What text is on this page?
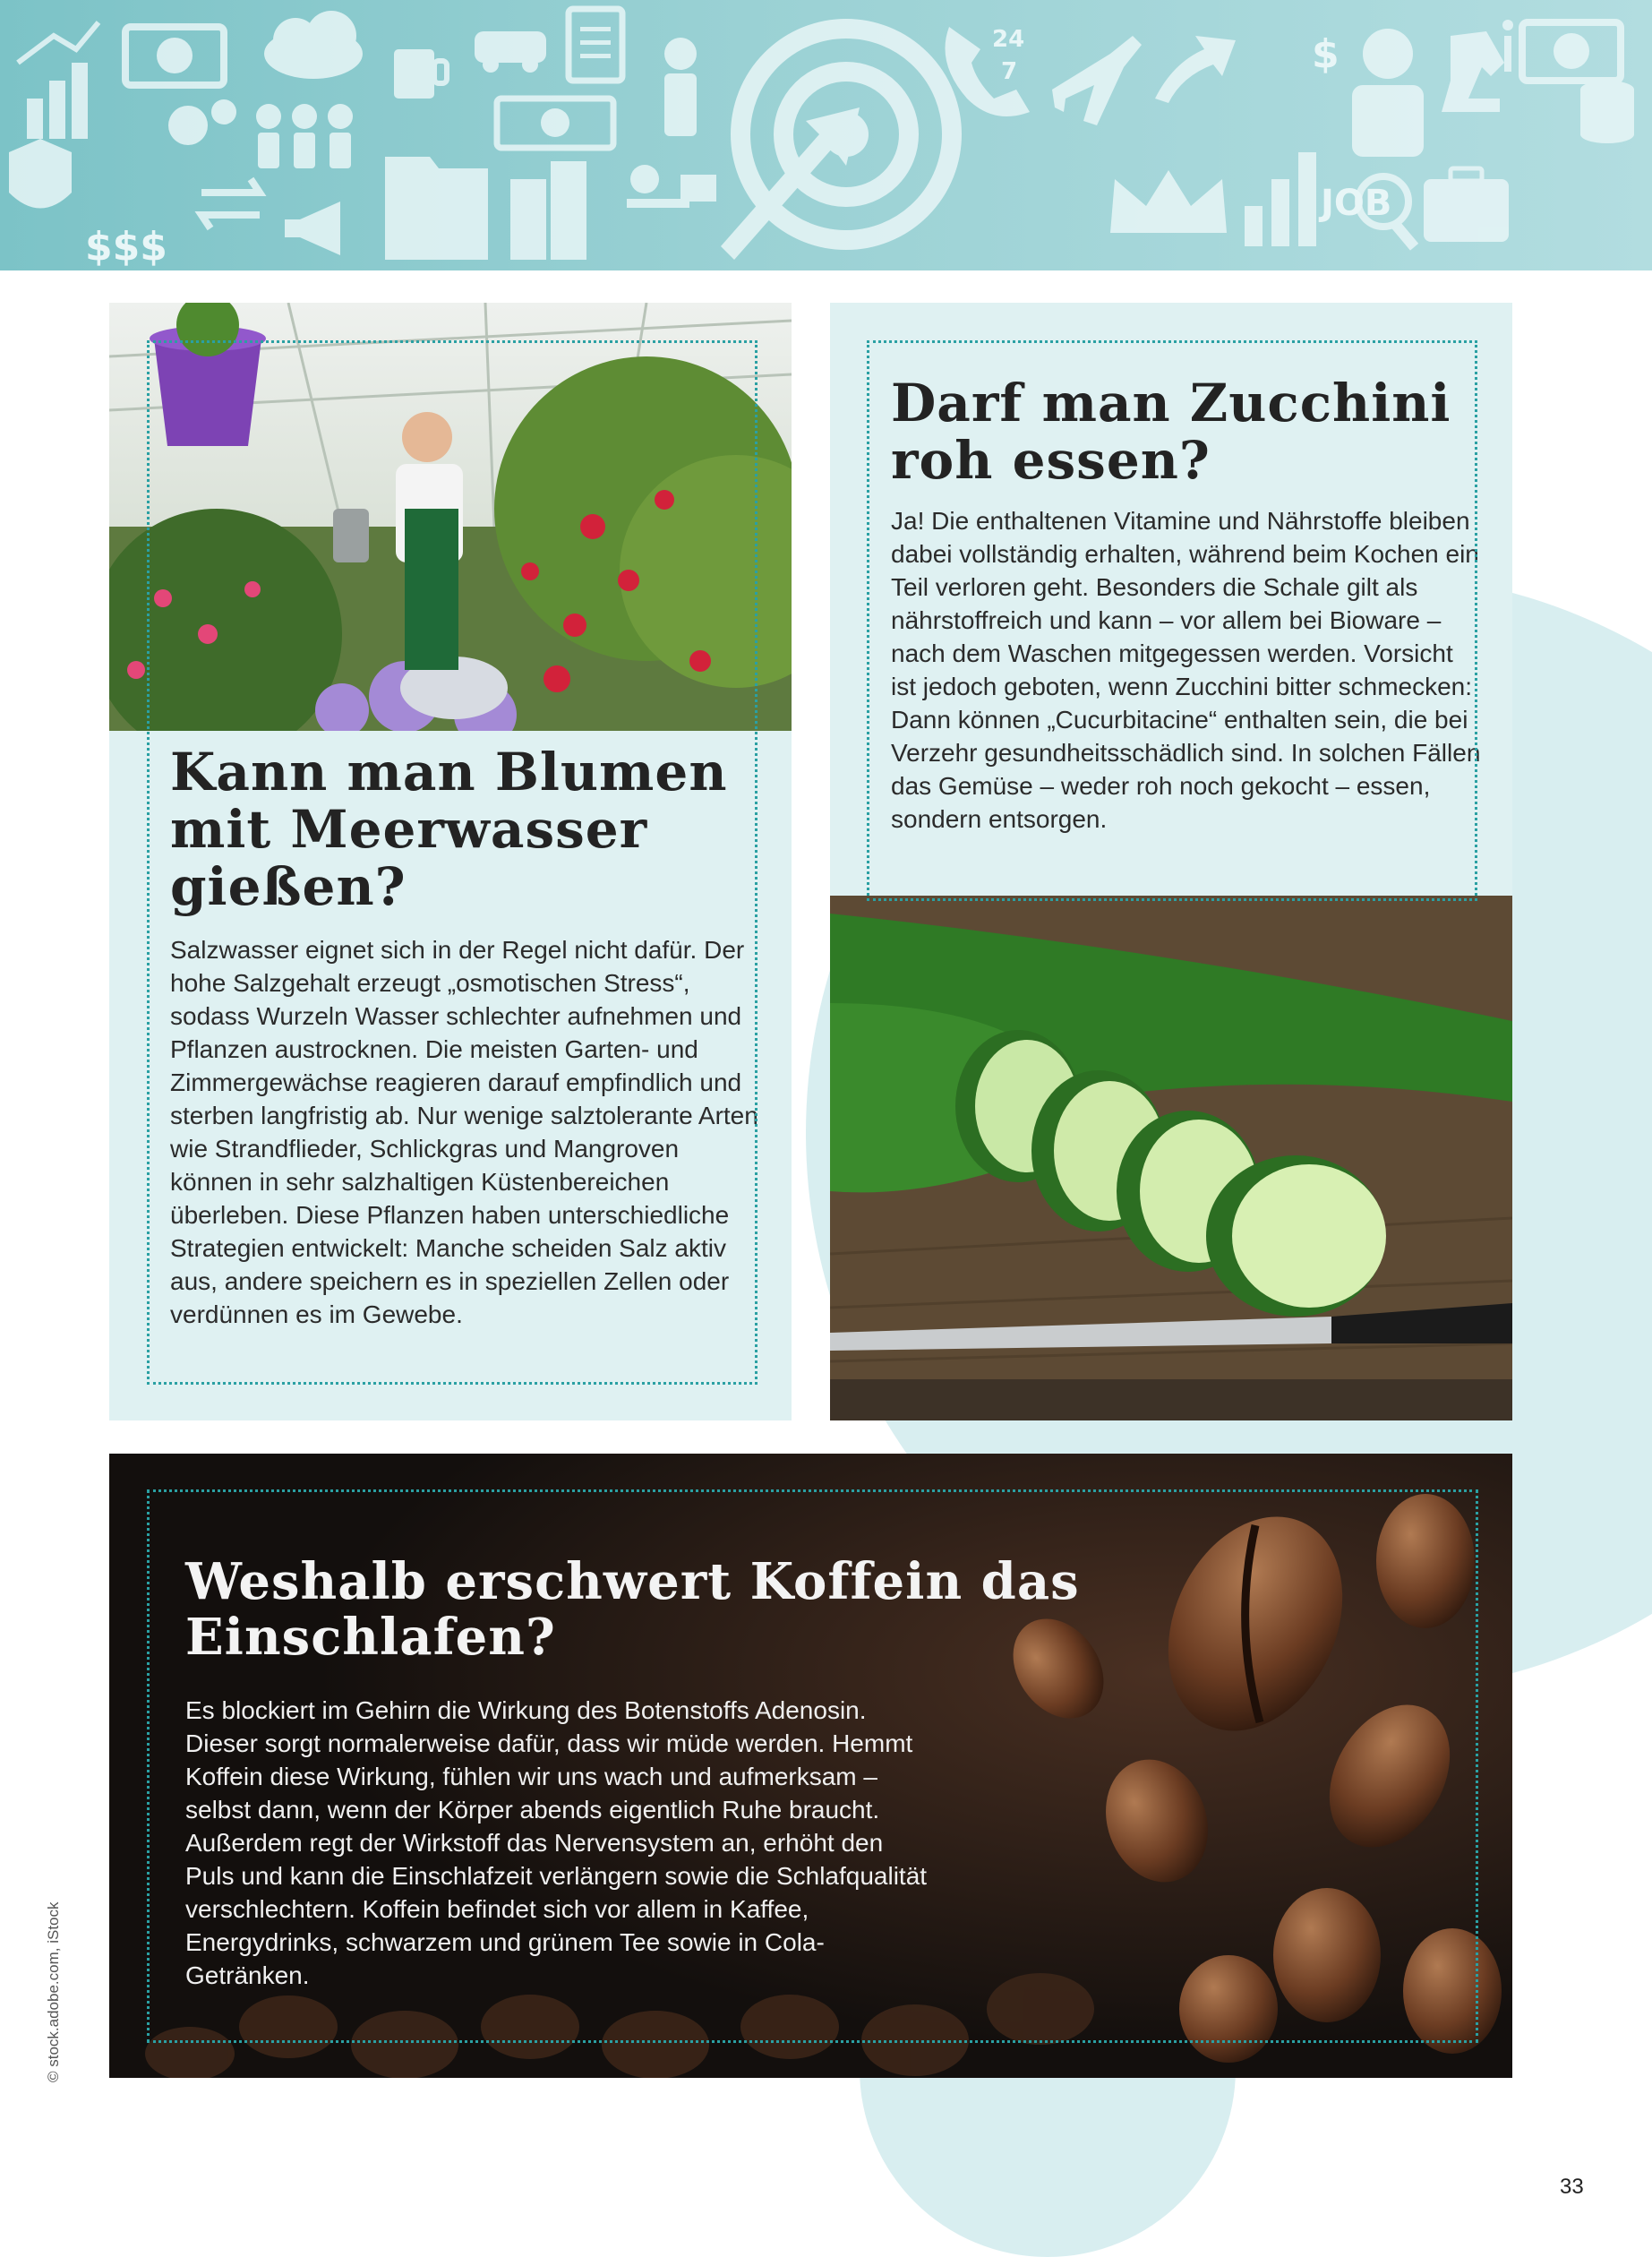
24
7
JOB
$$$
$
Kann man Blumen mit Meerwasser gießen?

Salzwasser eignet sich in der Regel nicht dafür. Der hohe Salzgehalt erzeugt „osmotischen Stress“, sodass Wurzeln Wasser schlechter aufnehmen und Pflanzen austrocknen. Die meisten Garten- und Zimmergewächse reagieren darauf empfindlich und sterben langfristig ab. Nur wenige salztolerante Arten wie Strandflieder, Schlickgras und Mangroven können in sehr salzhaltigen Küstenbereichen überleben. Diese Pflanzen haben unterschiedliche Strategien entwickelt: Manche scheiden Salz aktiv aus, andere speichern es in speziellen Zellen oder verdünnen es im Gewebe.

Darf man Zucchini roh essen?

Ja! Die enthaltenen Vitamine und Nährstoffe bleiben dabei vollständig erhalten, während beim Kochen ein Teil verloren geht. Besonders die Schale gilt als nährstoffreich und kann – vor allem bei Bioware – nach dem Waschen mitgegessen werden. Vorsicht ist jedoch geboten, wenn Zucchini bitter schmecken: Dann können „Cucurbitacine“ enthalten sein, die bei Verzehr gesundheitsschädlich sind. In solchen Fällen das Gemüse – weder roh noch gekocht – essen, sondern entsorgen.

Weshalb erschwert Koffein das Einschlafen?

Es blockiert im Gehirn die Wirkung des Botenstoffs Adenosin. Dieser sorgt normalerweise dafür, dass wir müde werden. Hemmt Koffein diese Wirkung, fühlen wir uns wach und aufmerksam – selbst dann, wenn der Körper abends eigentlich Ruhe braucht. Außerdem regt der Wirkstoff das Nervensystem an, erhöht den Puls und kann die Einschlafzeit verlängern sowie die Schlafqualität verschlechtern. Koffein befindet sich vor allem in Kaffee, Energydrinks, schwarzem und grünem Tee sowie in Cola-Getränken.

© stock.adobe.com, iStock
33
